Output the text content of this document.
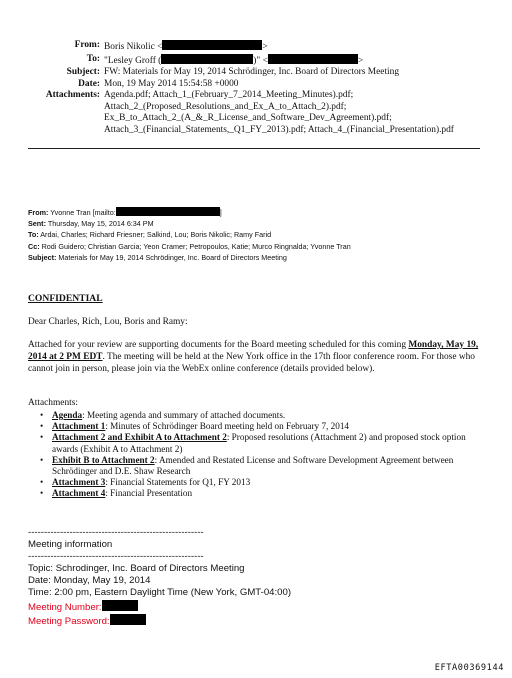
From: Boris Nikolic <	>
To: "Lesley Groff (	)" <	>
Subject: FW: Materials for May 19, 2014 Schrödinger, Inc. Board of Directors Meeting
Date: Mon, 19 May 2014 15:54:58 +0000
Attachments: Agenda.pdf; Attach_1_(February_7_2014_Meeting_Minutes).pdf;
Attach_2_(Proposed_Resolutions_and_Ex_A_to_Attach_2).pdf;
Ex_B_to_Attach_2_(A_&_R_License_and_Software_Dev_Agreement).pdf;
Attach_3_(Financial_Statements,_Q1_FY_2013).pdf; Attach_4_(Financial_Presentation).pdf
From: Yvonne Tran [mailto:	]
Sent: Thursday, May 15, 2014 6:34 PM
To: Ardai, Charles; Richard Friesner; Salkind, Lou; Boris Nikolic; Ramy Farid
Cc: Rodi Guidero; Christian Garcia; Yeon Cramer; Petropoulos, Katie; Murco Ringnalda; Yvonne Tran
Subject: Materials for May 19, 2014 Schrödinger, Inc. Board of Directors Meeting
CONFIDENTIAL
Dear Charles, Rich, Lou, Boris and Ramy:
Attached for your review are supporting documents for the Board meeting scheduled for this coming Monday, May 19, 2014 at 2 PM EDT. The meeting will be held at the New York office in the 17th floor conference room. For those who cannot join in person, please join via the WebEx online conference (details provided below).
Attachments:
• Agenda: Meeting agenda and summary of attached documents.
• Attachment 1: Minutes of Schrödinger Board meeting held on February 7, 2014
• Attachment 2 and Exhibit A to Attachment 2: Proposed resolutions (Attachment 2) and proposed stock option awards (Exhibit A to Attachment 2)
• Exhibit B to Attachment 2: Amended and Restated License and Software Development Agreement between Schrödinger and D.E. Shaw Research
• Attachment 3: Financial Statements for Q1, FY 2013
• Attachment 4: Financial Presentation
-------------------------------------------------------
Meeting information
-------------------------------------------------------
Topic: Schrodinger, Inc. Board of Directors Meeting
Date: Monday, May 19, 2014
Time: 2:00 pm, Eastern Daylight Time (New York, GMT-04:00)
Meeting Number:
Meeting Password:
EFTA00369144
